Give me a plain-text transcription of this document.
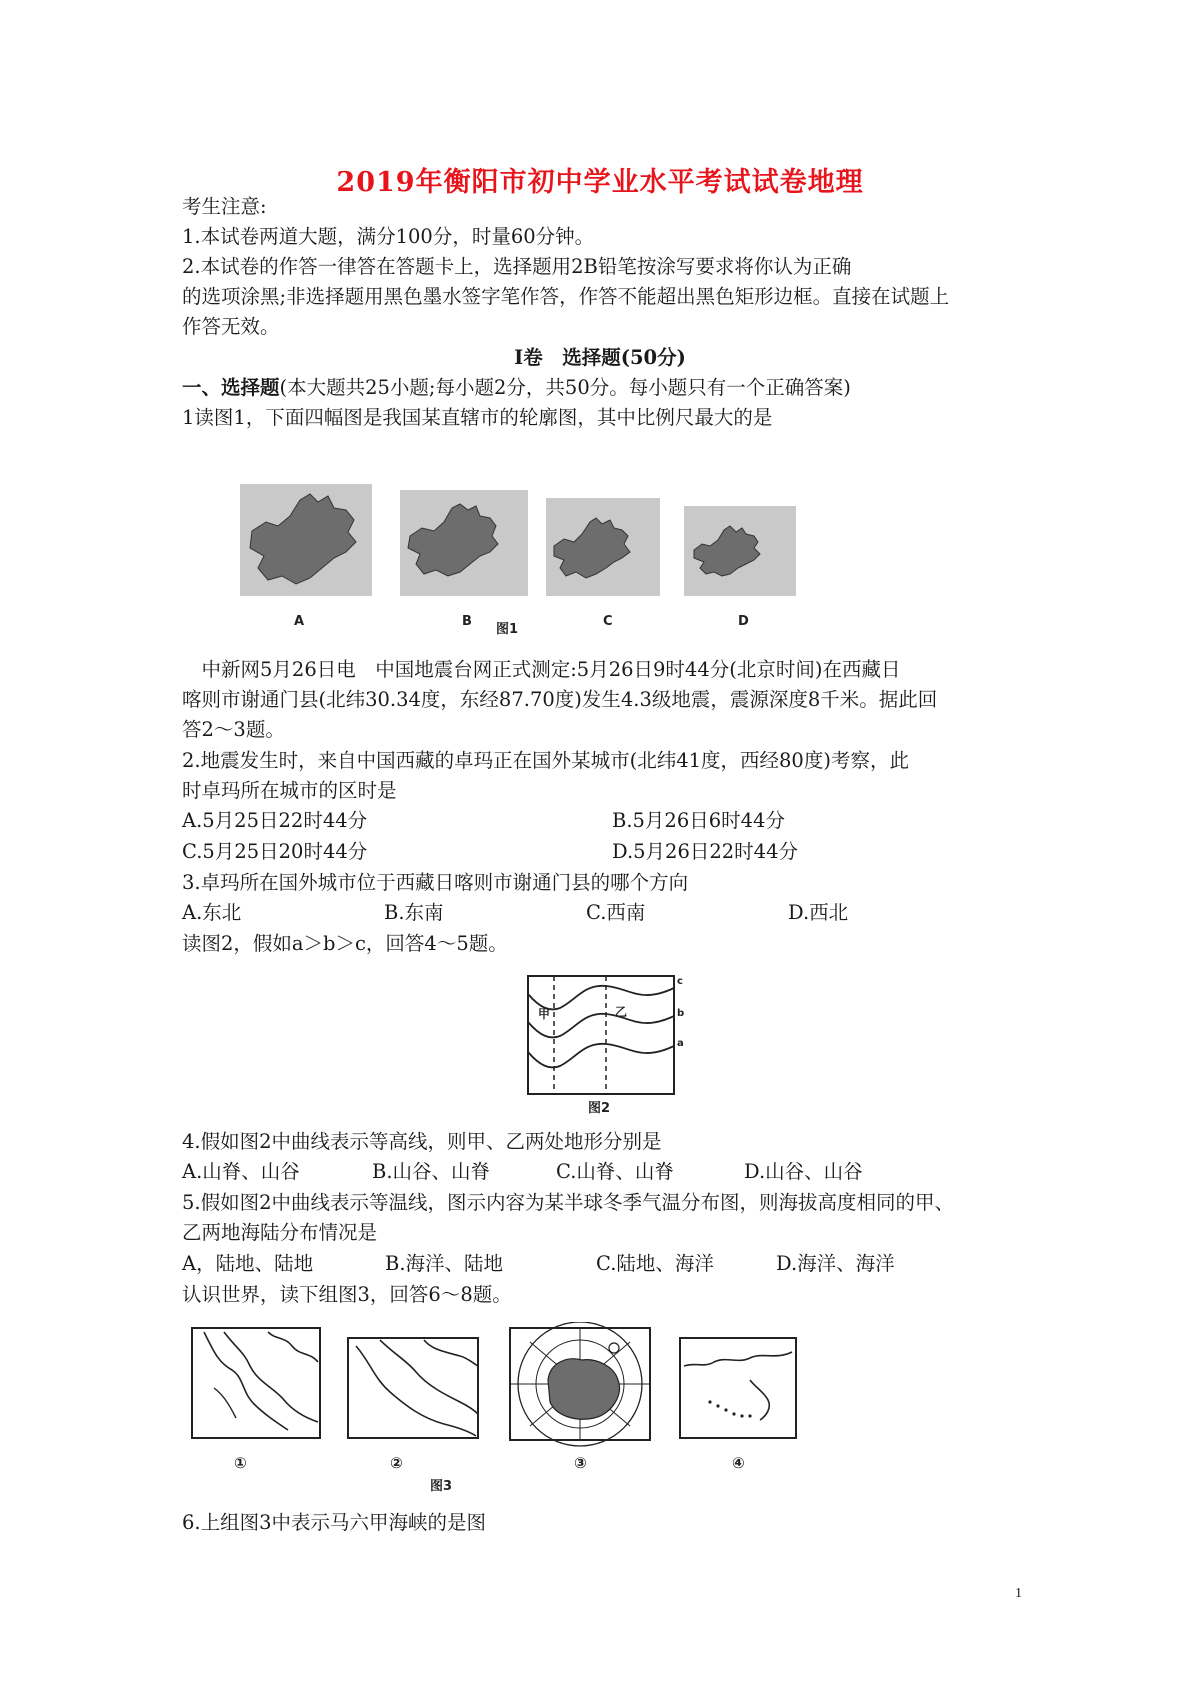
2019年衡阳市初中学业水平考试试卷地理
考生注意:
1.本试卷两道大题，满分100分，时量60分钟。
2.本试卷的作答一律答在答题卡上，选择题用2B铅笔按涂写要求将你认为正确
的选项涂黑;非选择题用黑色墨水签字笔作答，作答不能超出黑色矩形边框。直接在试题上
作答无效。
Ⅰ卷　选择题(50分)
一、选择题(本大题共25小题;每小题2分，共50分。每小题只有一个正确答案)
1读图1，下面四幅图是我国某直辖市的轮廓图，其中比例尺最大的是
A	B
图1
C	D
　中新网5月26日电　中国地震台网正式测定:5月26日9时44分(北京时间)在西藏日
喀则市谢通门县(北纬30.34度，东经87.70度)发生4.3级地震，震源深度8千米。据此回
答2～3题。
2.地震发生时，来自中国西藏的卓玛正在国外某城市(北纬41度，西经80度)考察，此
时卓玛所在城市的区时是
A.5月25日22时44分	B.5月26日6时44分
C.5月25日20时44分	D.5月26日22时44分
3.卓玛所在国外城市位于西藏日喀则市谢通门县的哪个方向
A.东北	B.东南	C.西南	D.西北
读图2，假如a＞b＞c，回答4～5题。
甲	乙
c
b
a
图2
4.假如图2中曲线表示等高线，则甲、乙两处地形分别是
A.山脊、山谷	B.山谷、山脊	C.山脊、山脊	D.山谷、山谷
5.假如图2中曲线表示等温线，图示内容为某半球冬季气温分布图，则海拔高度相同的甲、
乙两地海陆分布情况是
A，陆地、陆地	B.海洋、陆地	C.陆地、海洋	D.海洋、海洋
认识世界，读下组图3，回答6～8题。
①	②
图3
③	④
6.上组图3中表示马六甲海峡的是图
1
